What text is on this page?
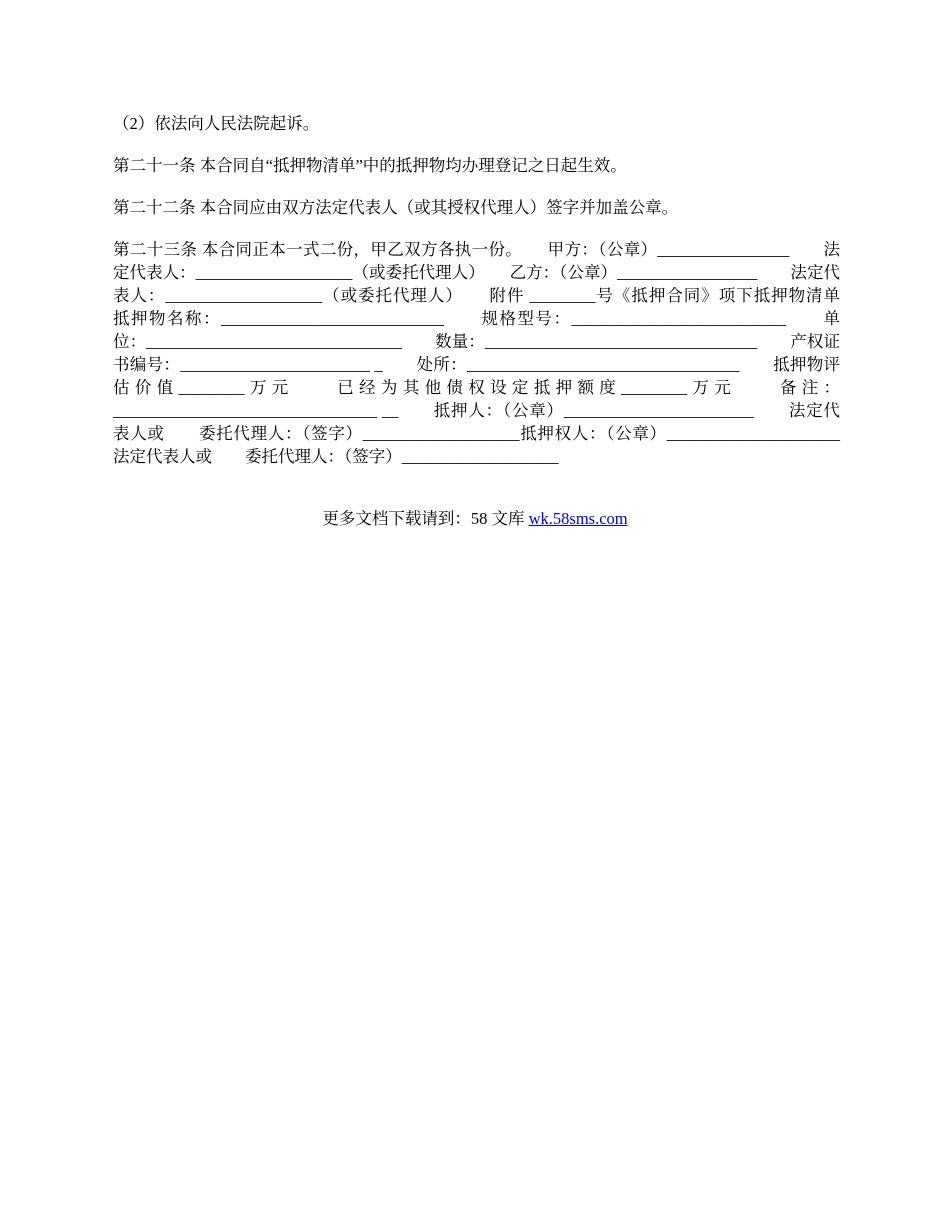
（2）依法向人民法院起诉。

第二十一条 本合同自“抵押物清单”中的抵押物均办理登记之日起生效。

第二十二条 本合同应由双方法定代表人（或其授权代理人）签字并加盖公章。

第二十三条 本合同正本一式二份，甲乙双方各执一份。　　甲方：（公章）________________　　法定代表人：___________________（或委托代理人）　　乙方：（公章）_________________　　法定代表人：___________________（或委托代理人）　　附件 ________号《抵押合同》项下抵押物清单　　抵押物名称：___________________________　　规格型号：__________________________　　单位：_______________________________　　数量：_________________________________　　产权证书编号：_______________________ _　　处所：_________________________________　　抵押物评估价值________万元　　已经为其他债权设定抵押额度________万元　　备注：________________________________ __　　抵押人：（公章）_______________________　　法定代表人或　　委托代理人：（签字）___________________抵押权人：（公章）_____________________　　法定代表人或　　委托代理人：（签字）___________________

更多文档下载请到：58 文库 wk.58sms.com
